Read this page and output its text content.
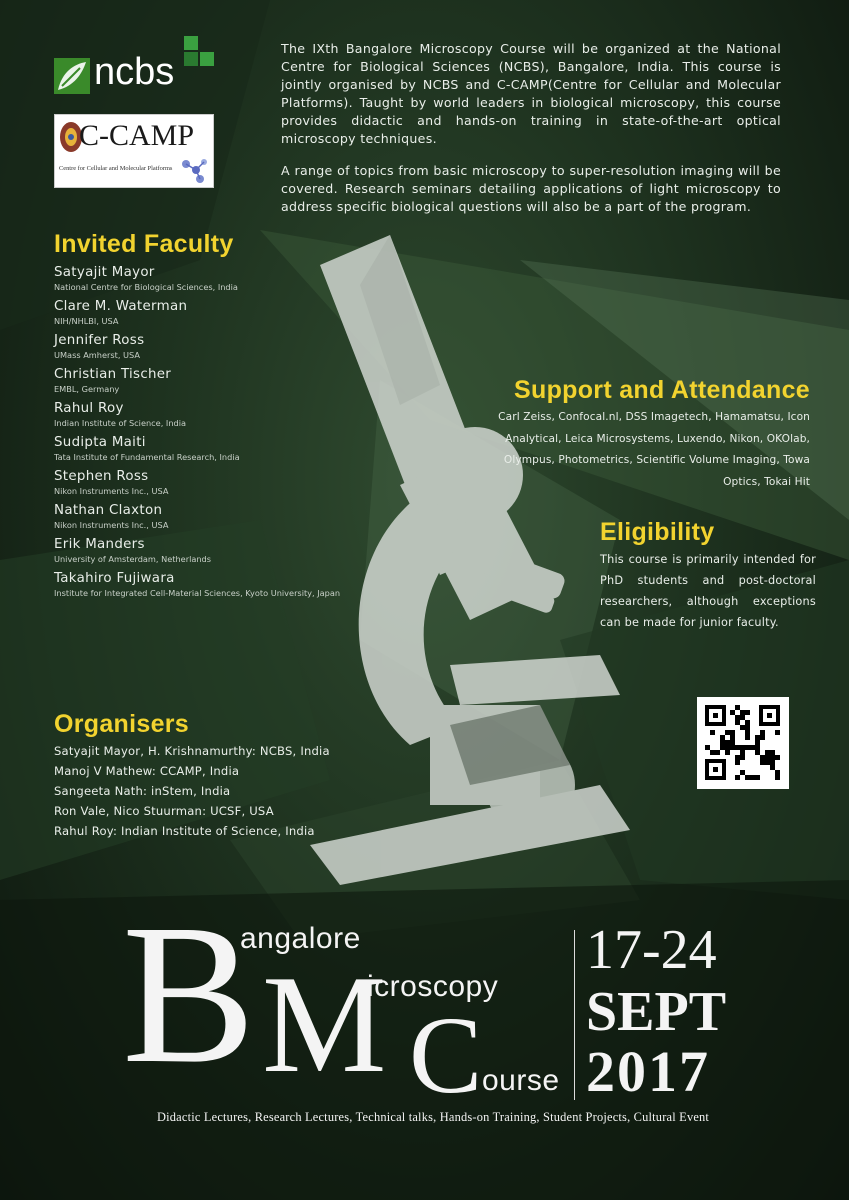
ncbs
C-CAMP
Centre for Cellular and Molecular Platforms

The IXth Bangalore Microscopy Course will be organized at the National Centre for Biological Sciences (NCBS), Bangalore, India. This course is jointly organised by NCBS and C-CAMP(Centre for Cellular and Molecular Platforms). Taught by world leaders in biological microscopy, this course provides didactic and hands-on training in state-of-the-art optical microscopy techniques.

A range of topics from basic microscopy to super-resolution imaging will be covered. Research seminars detailing applications of light microscopy to address specific biological questions will also be a part of the program.

Invited Faculty
Satyajit Mayor
National Centre for Biological Sciences, India
Clare M. Waterman
NIH/NHLBI, USA
Jennifer Ross
UMass Amherst, USA
Christian Tischer
EMBL, Germany
Rahul Roy
Indian Institute of Science, India
Sudipta Maiti
Tata Institute of Fundamental Research, India
Stephen Ross
Nikon Instruments Inc., USA
Nathan Claxton
Nikon Instruments Inc., USA
Erik Manders
University of Amsterdam, Netherlands
Takahiro Fujiwara
Institute for Integrated Cell-Material Sciences, Kyoto University, Japan
Support and Attendance
Carl Zeiss, Confocal.nl, DSS Imagetech, Hamamatsu, Icon Analytical, Leica Microsystems, Luxendo, Nikon, OKOlab, Olympus, Photometrics, Scientific Volume Imaging, Towa Optics, Tokai Hit
Eligibility
This course is primarily intended for PhD students and post-doctoral researchers, although exceptions can be made for junior faculty.
Organisers
Satyajit Mayor, H. Krishnamurthy: NCBS, India
Manoj V Mathew: CCAMP, India
Sangeeta Nath: inStem, India
Ron Vale, Nico Stuurman: UCSF, USA
Rahul Roy: Indian Institute of Science, India
B M C
angalore
icroscopy
ourse
17-24
SEPT
2017
Didactic Lectures, Research Lectures, Technical talks, Hands-on Training, Student Projects, Cultural Event
